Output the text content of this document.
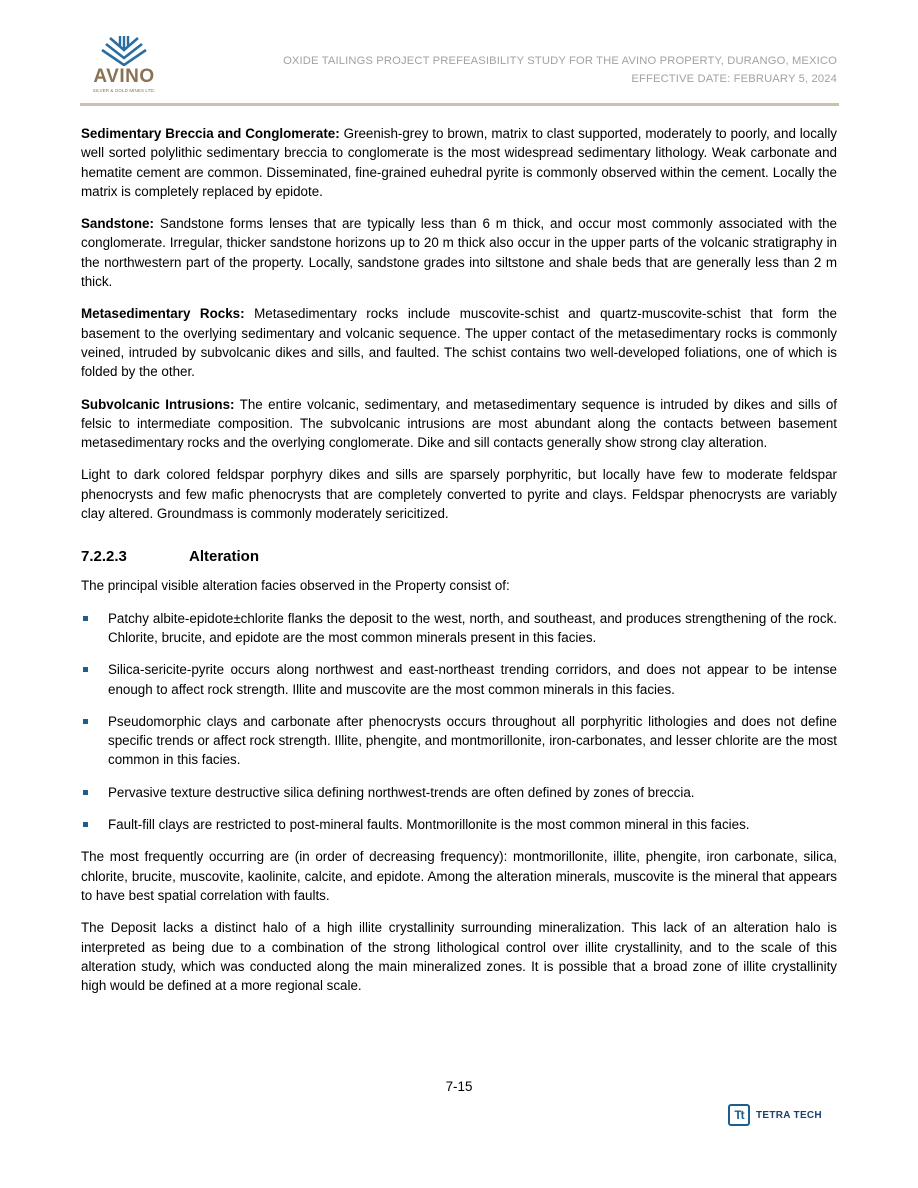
AVINO
SILVER & GOLD MINES LTD.
OXIDE TAILINGS PROJECT PREFEASIBILITY STUDY FOR THE AVINO PROPERTY, DURANGO, MEXICO
EFFECTIVE DATE: FEBRUARY 5, 2024

Sedimentary Breccia and Conglomerate: Greenish-grey to brown, matrix to clast supported, moderately to poorly, and locally well sorted polylithic sedimentary breccia to conglomerate is the most widespread sedimentary lithology. Weak carbonate and hematite cement are common. Disseminated, fine-grained euhedral pyrite is commonly observed within the cement. Locally the matrix is completely replaced by epidote.

Sandstone: Sandstone forms lenses that are typically less than 6 m thick, and occur most commonly associated with the conglomerate. Irregular, thicker sandstone horizons up to 20 m thick also occur in the upper parts of the volcanic stratigraphy in the northwestern part of the property. Locally, sandstone grades into siltstone and shale beds that are generally less than 2 m thick.

Metasedimentary Rocks: Metasedimentary rocks include muscovite-schist and quartz-muscovite-schist that form the basement to the overlying sedimentary and volcanic sequence. The upper contact of the metasedimentary rocks is commonly veined, intruded by subvolcanic dikes and sills, and faulted. The schist contains two well-developed foliations, one of which is folded by the other.

Subvolcanic Intrusions: The entire volcanic, sedimentary, and metasedimentary sequence is intruded by dikes and sills of felsic to intermediate composition. The subvolcanic intrusions are most abundant along the contacts between basement metasedimentary rocks and the overlying conglomerate. Dike and sill contacts generally show strong clay alteration.

Light to dark colored feldspar porphyry dikes and sills are sparsely porphyritic, but locally have few to moderate feldspar phenocrysts and few mafic phenocrysts that are completely converted to pyrite and clays. Feldspar phenocrysts are variably clay altered. Groundmass is commonly moderately sericitized.

7.2.2.3	Alteration

The principal visible alteration facies observed in the Property consist of:

Patchy albite-epidote±chlorite flanks the deposit to the west, north, and southeast, and produces strengthening of the rock. Chlorite, brucite, and epidote are the most common minerals present in this facies.
Silica-sericite-pyrite occurs along northwest and east-northeast trending corridors, and does not appear to be intense enough to affect rock strength. Illite and muscovite are the most common minerals in this facies.
Pseudomorphic clays and carbonate after phenocrysts occurs throughout all porphyritic lithologies and does not define specific trends or affect rock strength. Illite, phengite, and montmorillonite, iron-carbonates, and lesser chlorite are the most common in this facies.
Pervasive texture destructive silica defining northwest-trends are often defined by zones of breccia.
Fault-fill clays are restricted to post-mineral faults. Montmorillonite is the most common mineral in this facies.

The most frequently occurring are (in order of decreasing frequency): montmorillonite, illite, phengite, iron carbonate, silica, chlorite, brucite, muscovite, kaolinite, calcite, and epidote. Among the alteration minerals, muscovite is the mineral that appears to have best spatial correlation with faults.

The Deposit lacks a distinct halo of a high illite crystallinity surrounding mineralization. This lack of an alteration halo is interpreted as being due to a combination of the strong lithological control over illite crystallinity, and to the scale of this alteration study, which was conducted along the main mineralized zones. It is possible that a broad zone of illite crystallinity high would be defined at a more regional scale.

7-15
Tt	TETRA TECH
